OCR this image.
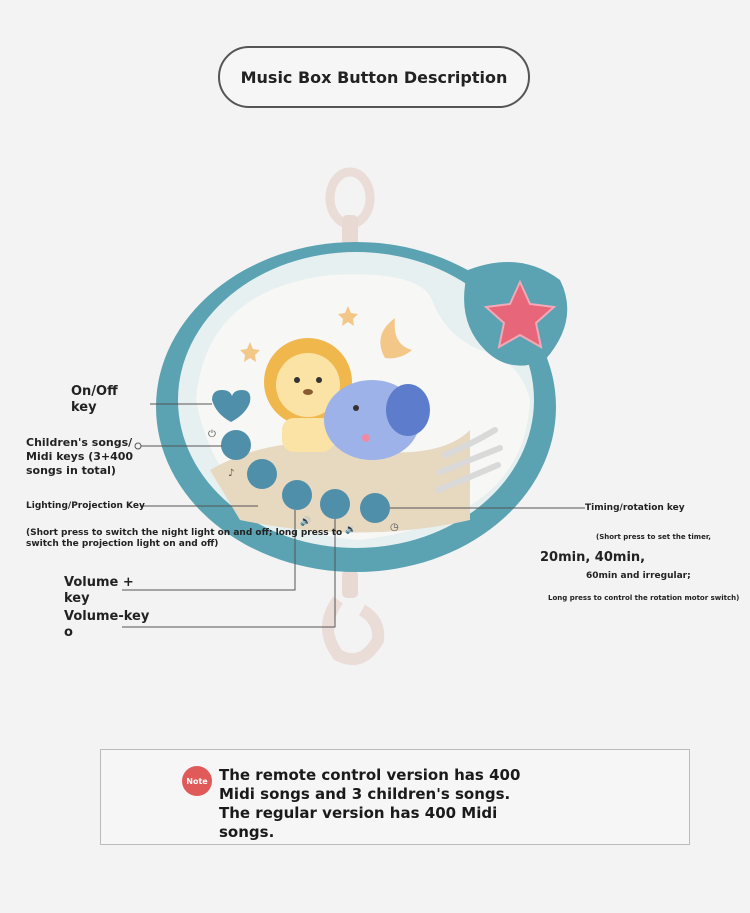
Music Box Button Description
⏻
♪
🔊
🔉	◷
On/Off
key
Children's songs/
Midi keys (3+400
songs in total)
Lighting/Projection Key
(Short press to switch the night light on and off; long press to
switch the projection light on and off)
Volume +
key
Volume-key
o
Timing/rotation key
(Short press to set the timer,
20min, 40min,
60min and irregular;
Long press to control the rotation motor switch)
Note The remote control version has 400 Midi songs and 3 children's songs. The regular version has 400 Midi songs.
